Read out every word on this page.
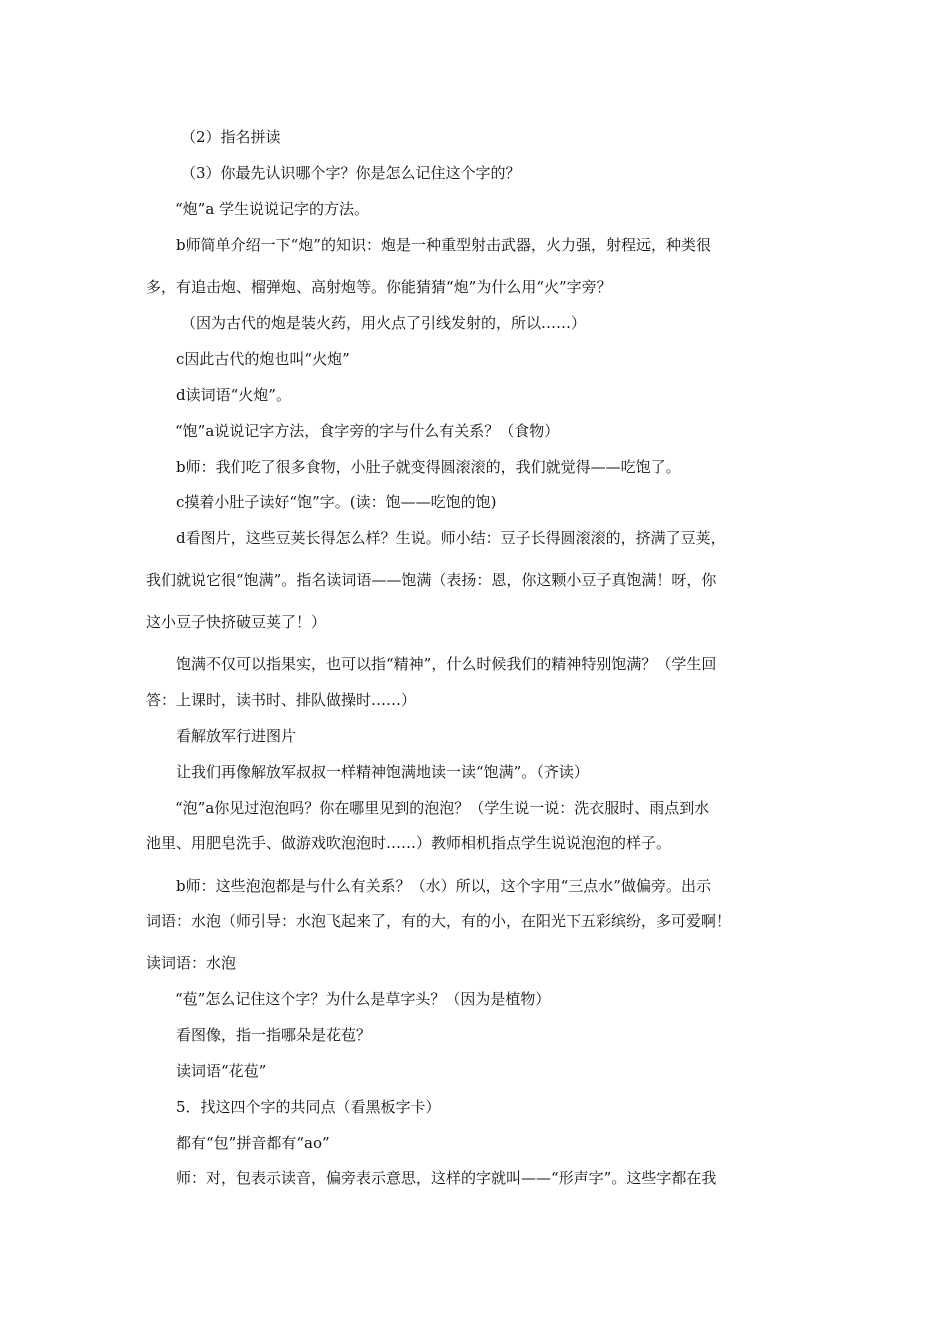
（2）指名拼读
（3）你最先认识哪个字？你是怎么记住这个字的？
“炮”a 学生说说记字的方法。
b师简单介绍一下“炮”的知识：炮是一种重型射击武器，火力强，射程远，种类很
多，有追击炮、榴弹炮、高射炮等。你能猜猜“炮”为什么用“火”字旁？
（因为古代的炮是装火药，用火点了引线发射的，所以……）
c因此古代的炮也叫“火炮”
d读词语“火炮”。
“饱”a说说记字方法，食字旁的字与什么有关系？（食物）
b师：我们吃了很多食物，小肚子就变得圆滚滚的，我们就觉得——吃饱了。
c摸着小肚子读好“饱”字。(读：饱——吃饱的饱)
d看图片，这些豆荚长得怎么样？生说。师小结：豆子长得圆滚滚的，挤满了豆荚，
我们就说它很“饱满”。指名读词语——饱满（表扬：恩，你这颗小豆子真饱满！呀，你
这小豆子快挤破豆荚了！）
饱满不仅可以指果实，也可以指“精神”，什么时候我们的精神特别饱满？（学生回
答：上课时，读书时、排队做操时……）
看解放军行进图片
让我们再像解放军叔叔一样精神饱满地读一读“饱满”。（齐读）
“泡”a你见过泡泡吗？你在哪里见到的泡泡？（学生说一说：洗衣服时、雨点到水
池里、用肥皂洗手、做游戏吹泡泡时……）教师相机指点学生说说泡泡的样子。
b师：这些泡泡都是与什么有关系？（水）所以，这个字用“三点水”做偏旁。出示
词语：水泡（师引导：水泡飞起来了，有的大，有的小，在阳光下五彩缤纷，多可爱啊！
读词语：水泡
“苞”怎么记住这个字？为什么是草字头？（因为是植物）
看图像，指一指哪朵是花苞？
读词语“花苞”
5．找这四个字的共同点（看黑板字卡）
都有“包”拼音都有“ao”
师：对，包表示读音，偏旁表示意思，这样的字就叫——“形声字”。这些字都在我
